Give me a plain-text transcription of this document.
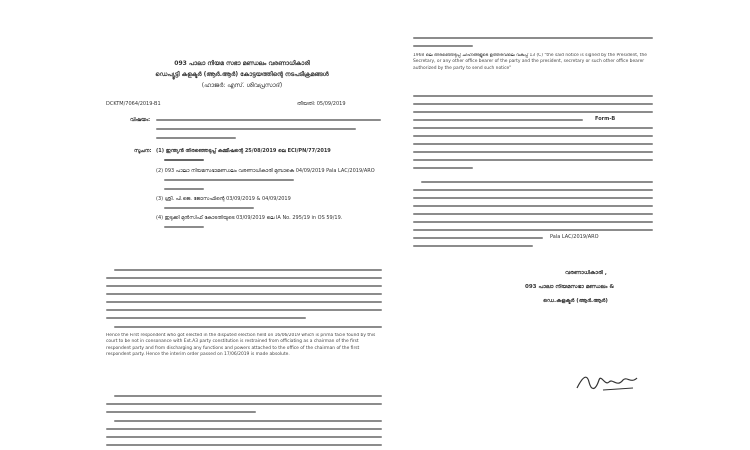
093 പാലാ നിയമ സഭാ മണ്ഡലം വരണാധികാരി
ഡെപ്യൂട്ടി കളക്ടർ (ആർ.ആർ) കോട്ടയത്തിന്റെ നടപടിക്രമങ്ങൾ
(ഹാജർ: എസ്. ശിവപ്രസാദ്)
DCKTM/7064/2019-B1	തീയതി: 05/09/2019
വിഷയം:
സൂചന: (1) ഇന്ത്യൻ തിരഞ്ഞെടുപ്പ് കമ്മീഷന്റെ 25/08/2019 ലെ ECI/PN/77/2019
(2) 093 പാലാ നിയമസഭാമണ്ഡലം വരണാധികാരി മുമ്പാകെ 04/09/2019 Pala LAC/2019/ARO
(3) ശ്രീ. പി.ജെ. ജോസഫിന്റെ 03/09/2019 & 04/09/2019
(4) ഇടുക്കി മുൻസിഫ് കോടതിയുടെ 03/09/2019 ലെ IA No. 295/19 in OS 59/19.
Hence the First respondent who got elected in the disputed election held on 16/06/2019 which is prima facie found by this court to be not in consonance with Ext.A3 party constitution is restrained from officiating as a chairman of the first respondent party and from discharging any functions and powers attached to the office of the chairman of the first respondent party. Hence the interim order passed on 17/06/2019 is made absolute.
1968 ലെ തിരഞ്ഞെടുപ്പ് ചിഹ്നങ്ങളുടെ ഉത്തരവിലെ വകുപ്പ് 13 (C) "the said notice is signed by the President, the Secretary, or any other office bearer of the party and the president, secretary or such other office bearer authorized by the party to send such notice"
Form-B
Pala LAC/2019/ARO
വരണാധികാരി ,
093 പാലാ നിയമസഭാ മണ്ഡലം &
ഡെ.കളക്ടർ (ആർ.ആർ)
